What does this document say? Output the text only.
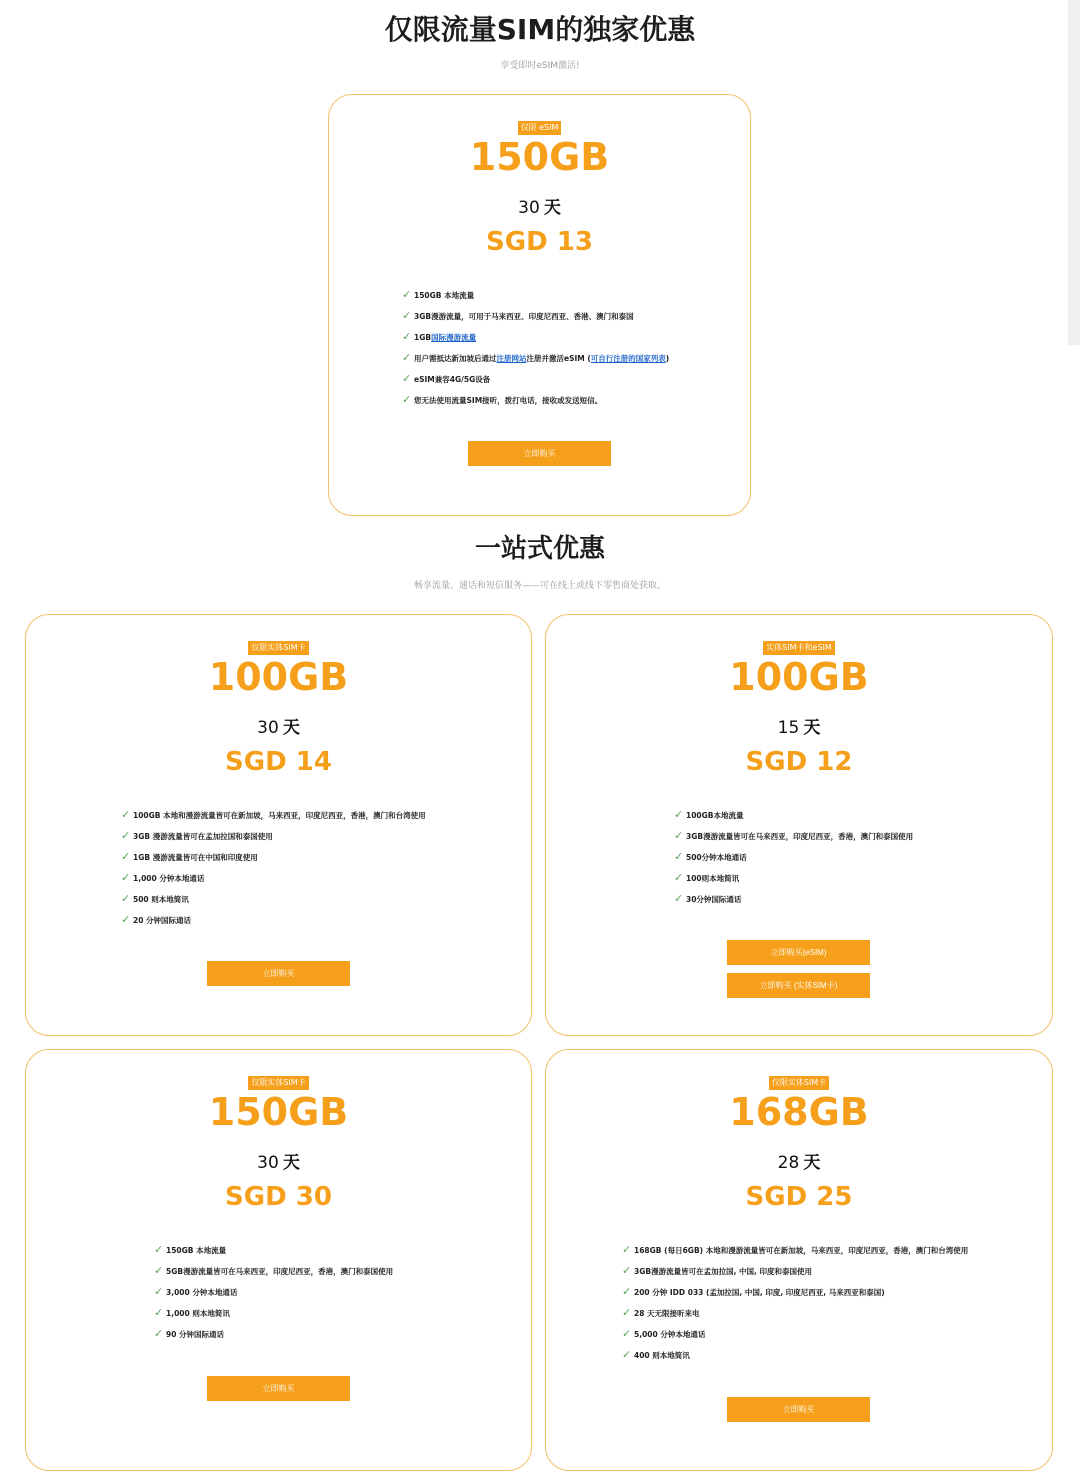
仅限流量SIM的独家优惠

享受即时eSIM激活!

仅限 eSIM
150GB
30 天
SGD 13
✓ 150GB 本地流量
✓ 3GB漫游流量，可用于马来西亚、印度尼西亚、香港、澳门和泰国
✓ 1GB国际漫游流量
✓ 用户需抵达新加坡后通过注册网站注册并激活eSIM (可自行注册的国家列表)
✓ eSIM兼容4G/5G设备
✓ 您无法使用流量SIM接听，拨打电话，接收或发送短信。
立即购买
一站式优惠

畅享流量、通话和短信服务——可在线上或线下零售商处获取。

仅限实体SIM卡
100GB
30 天
SGD 14
✓ 100GB 本地和漫游流量皆可在新加坡，马来西亚，印度尼西亚，香港，澳门和台湾使用
✓ 3GB 漫游流量皆可在孟加拉国和泰国使用
✓ 1GB 漫游流量皆可在中国和印度使用
✓ 1,000 分钟本地通话
✓ 500 则本地简讯
✓ 20 分钟国际通话
立即购买
实体SIM卡和eSIM
100GB
15 天
SGD 12
✓ 100GB本地流量
✓ 3GB漫游流量皆可在马来西亚，印度尼西亚，香港，澳门和泰国使用
✓ 500分钟本地通话
✓ 100则本地简讯
✓ 30分钟国际通话
立即购买(eSIM)
立即购买 (实体SIM卡)
仅限实体SIM卡
150GB
30 天
SGD 30
✓ 150GB 本地流量
✓ 5GB漫游流量皆可在马来西亚，印度尼西亚，香港，澳门和泰国使用
✓ 3,000 分钟本地通话
✓ 1,000 则本地简讯
✓ 90 分钟国际通话
立即购买
仅限实体SIM卡
168GB
28 天
SGD 25
✓ 168GB (每日6GB) 本地和漫游流量皆可在新加坡，马来西亚，印度尼西亚，香港，澳门和台湾使用
✓ 3GB漫游流量皆可在孟加拉国, 中国, 印度和泰国使用
✓ 200 分钟 IDD 033 (孟加拉国, 中国, 印度, 印度尼西亚, 马来西亚和泰国)
✓ 28 天无限接听来电
✓ 5,000 分钟本地通话
✓ 400 则本地简讯
立即购买
